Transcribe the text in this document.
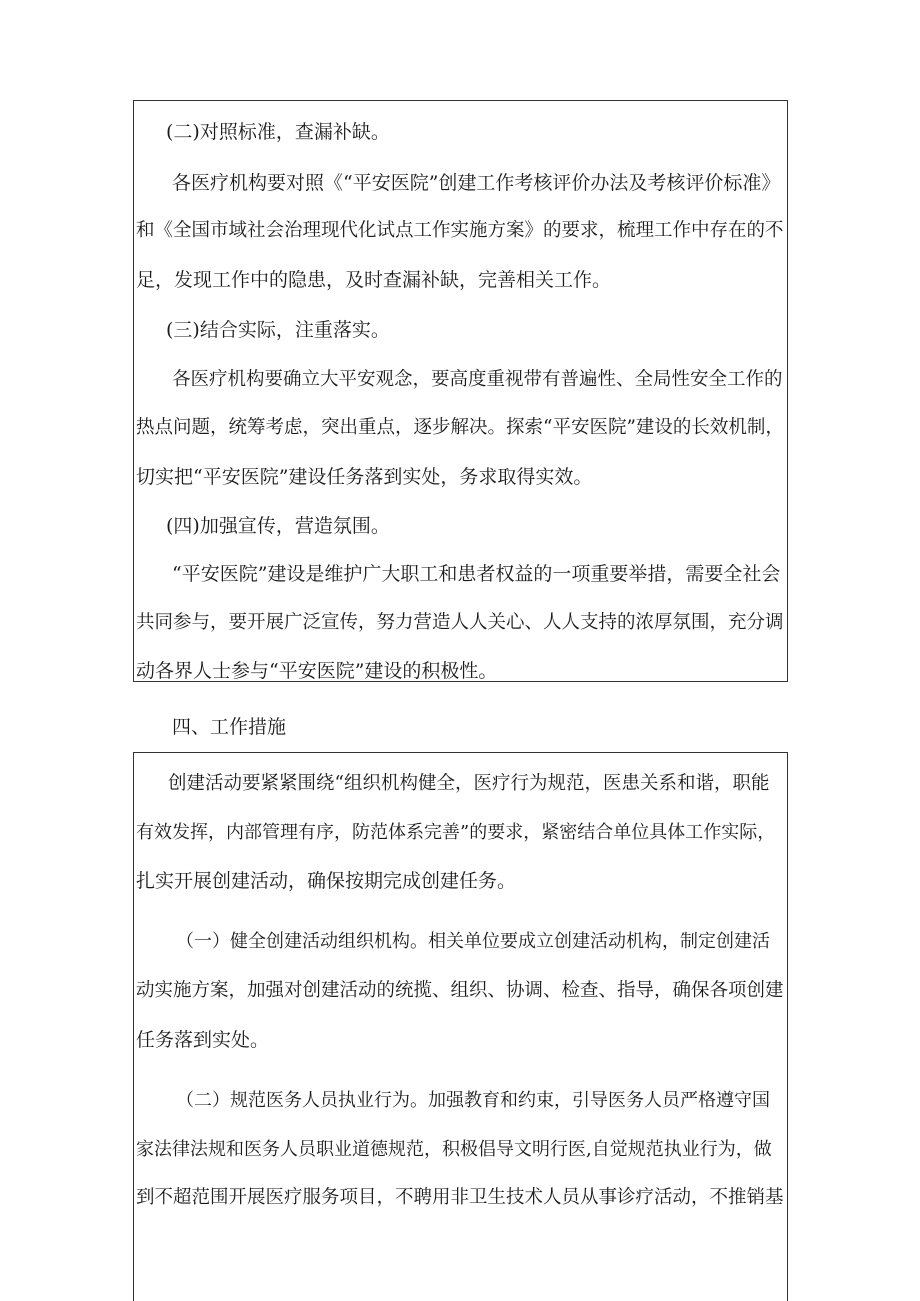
(二)对照标准，查漏补缺。
各医疗机构要对照《“平安医院”创建工作考核评价办法及考核评价标准》
和《全国市域社会治理现代化试点工作实施方案》的要求，梳理工作中存在的不
足，发现工作中的隐患，及时查漏补缺，完善相关工作。
(三)结合实际，注重落实。
各医疗机构要确立大平安观念，要高度重视带有普遍性、全局性安全工作的
热点问题，统筹考虑，突出重点，逐步解决。探索“平安医院”建设的长效机制，
切实把“平安医院”建设任务落到实处，务求取得实效。
(四)加强宣传，营造氛围。
“平安医院”建设是维护广大职工和患者权益的一项重要举措，需要全社会
共同参与，要开展广泛宣传，努力营造人人关心、人人支持的浓厚氛围，充分调
动各界人士参与“平安医院”建设的积极性。
四、工作措施
创建活动要紧紧围绕“组织机构健全，医疗行为规范，医患关系和谐，职能
有效发挥，内部管理有序，防范体系完善”的要求，紧密结合单位具体工作实际，
扎实开展创建活动，确保按期完成创建任务。
（一）健全创建活动组织机构。相关单位要成立创建活动机构，制定创建活
动实施方案，加强对创建活动的统揽、组织、协调、检查、指导，确保各项创建
任务落到实处。
（二）规范医务人员执业行为。加强教育和约束，引导医务人员严格遵守国
家法律法规和医务人员职业道德规范，积极倡导文明行医,自觉规范执业行为，做
到不超范围开展医疗服务项目，不聘用非卫生技术人员从事诊疗活动，不推销基
